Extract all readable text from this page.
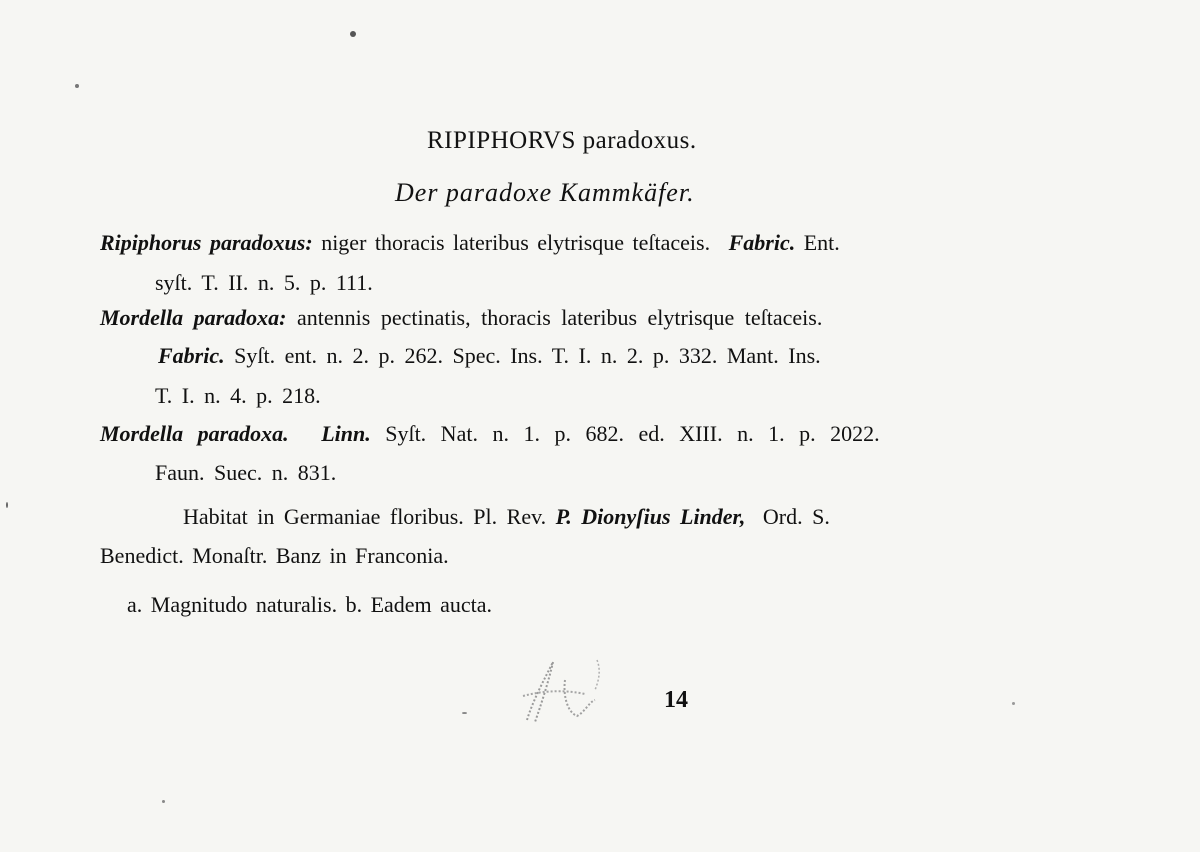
RIPIPHORVS paradoxus.
Der paradoxe Kammkäfer.
Ripiphorus paradoxus: niger thoracis lateribus elytrisque teſtaceis. Fabric. Ent.
syſt. T. II. n. 5. p. 111.
Mordella paradoxa: antennis pectinatis, thoracis lateribus elytrisque teſtaceis.
Fabric. Syſt. ent. n. 2. p. 262. Spec. Ins. T. I. n. 2. p. 332. Mant. Ins.
T. I. n. 4. p. 218.
Mordella paradoxa. Linn. Syſt. Nat. n. 1. p. 682. ed. XIII. n. 1. p. 2022.
Faun. Suec. n. 831.
Habitat in Germaniae floribus. Pl. Rev. P. Dionyſius Linder, Ord. S.
Benedict. Monaſtr. Banz in Franconia.
a. Magnitudo naturalis. b. Eadem aucta.
14
